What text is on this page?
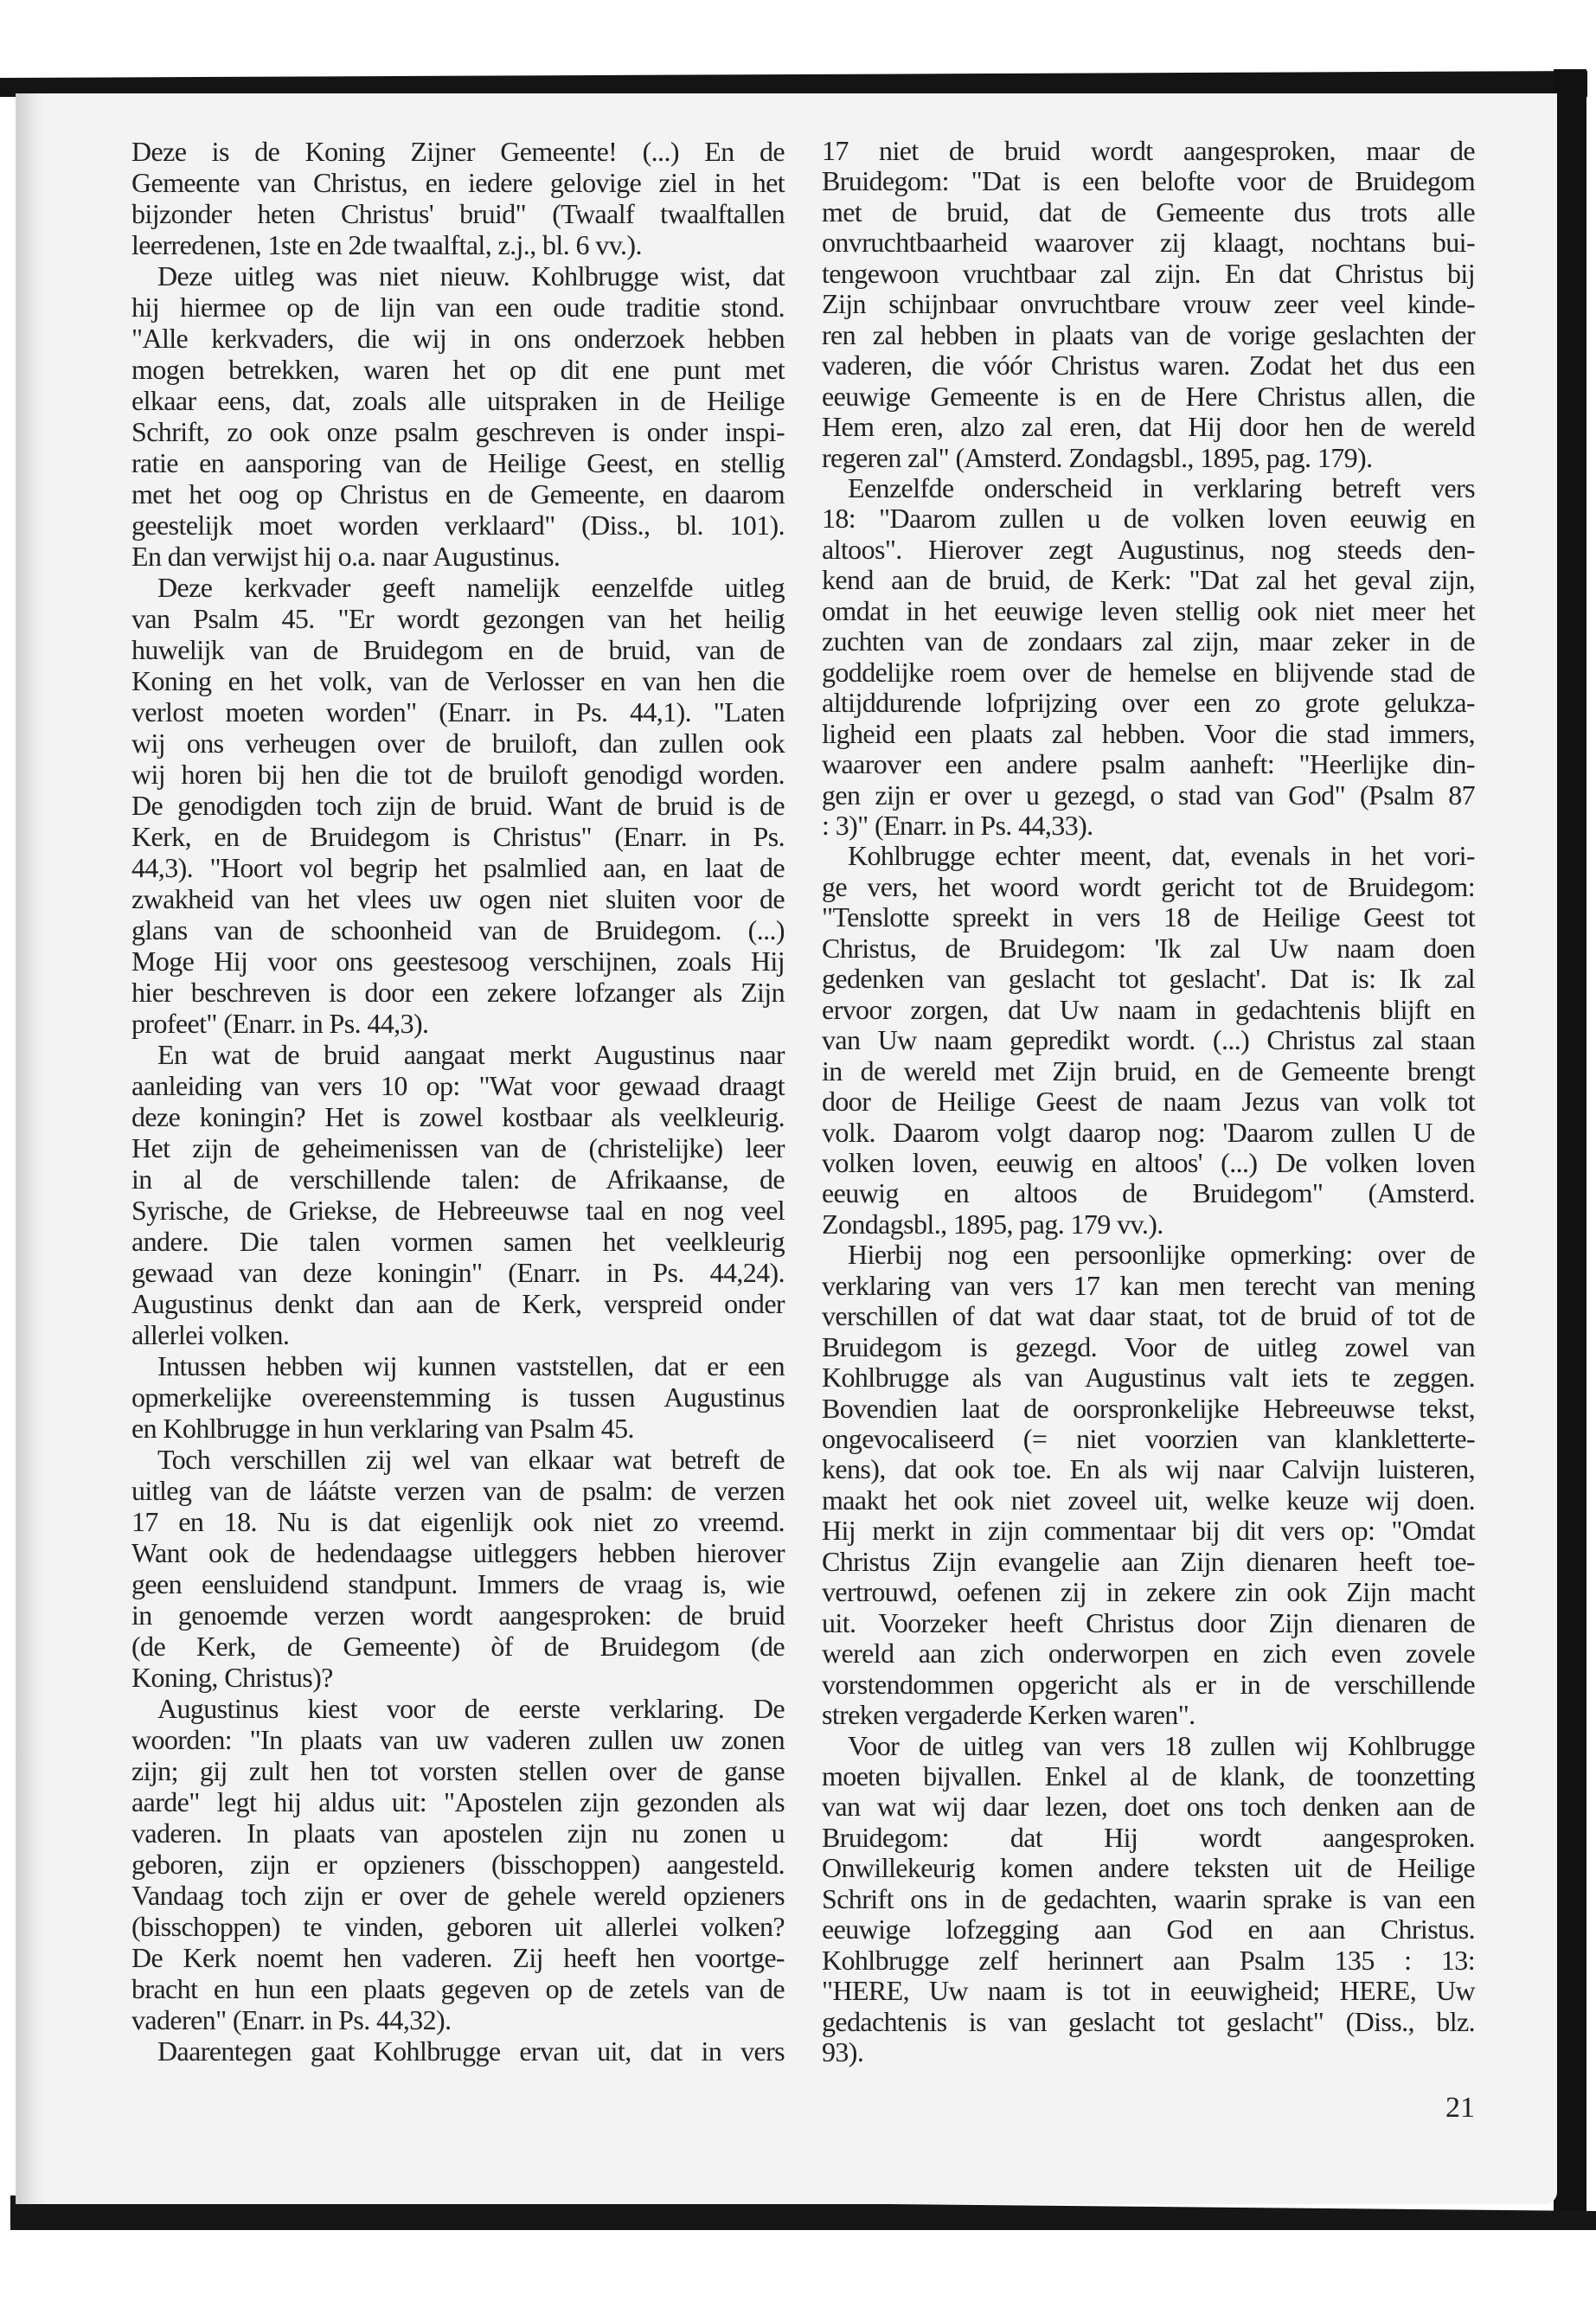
Deze is de Koning Zijner Gemeente! (...) En de
Gemeente van Christus, en iedere gelovige ziel in het
bijzonder heten Christus' bruid" (Twaalf twaalftallen
leerredenen, 1ste en 2de twaalftal, z.j., bl. 6 vv.).
Deze uitleg was niet nieuw. Kohlbrugge wist, dat
hij hiermee op de lijn van een oude traditie stond.
"Alle kerkvaders, die wij in ons onderzoek hebben
mogen betrekken, waren het op dit ene punt met
elkaar eens, dat, zoals alle uitspraken in de Heilige
Schrift, zo ook onze psalm geschreven is onder inspi-
ratie en aansporing van de Heilige Geest, en stellig
met het oog op Christus en de Gemeente, en daarom
geestelijk moet worden verklaard" (Diss., bl. 101).
En dan verwijst hij o.a. naar Augustinus.
Deze kerkvader geeft namelijk eenzelfde uitleg
van Psalm 45. "Er wordt gezongen van het heilig
huwelijk van de Bruidegom en de bruid, van de
Koning en het volk, van de Verlosser en van hen die
verlost moeten worden" (Enarr. in Ps. 44,1). "Laten
wij ons verheugen over de bruiloft, dan zullen ook
wij horen bij hen die tot de bruiloft genodigd worden.
De genodigden toch zijn de bruid. Want de bruid is de
Kerk, en de Bruidegom is Christus" (Enarr. in Ps.
44,3). "Hoort vol begrip het psalmlied aan, en laat de
zwakheid van het vlees uw ogen niet sluiten voor de
glans van de schoonheid van de Bruidegom. (...)
Moge Hij voor ons geestesoog verschijnen, zoals Hij
hier beschreven is door een zekere lofzanger als Zijn
profeet" (Enarr. in Ps. 44,3).
En wat de bruid aangaat merkt Augustinus naar
aanleiding van vers 10 op: "Wat voor gewaad draagt
deze koningin? Het is zowel kostbaar als veelkleurig.
Het zijn de geheimenissen van de (christelijke) leer
in al de verschillende talen: de Afrikaanse, de
Syrische, de Griekse, de Hebreeuwse taal en nog veel
andere. Die talen vormen samen het veelkleurig
gewaad van deze koningin" (Enarr. in Ps. 44,24).
Augustinus denkt dan aan de Kerk, verspreid onder
allerlei volken.
Intussen hebben wij kunnen vaststellen, dat er een
opmerkelijke overeenstemming is tussen Augustinus
en Kohlbrugge in hun verklaring van Psalm 45.
Toch verschillen zij wel van elkaar wat betreft de
uitleg van de láátste verzen van de psalm: de verzen
17 en 18. Nu is dat eigenlijk ook niet zo vreemd.
Want ook de hedendaagse uitleggers hebben hierover
geen eensluidend standpunt. Immers de vraag is, wie
in genoemde verzen wordt aangesproken: de bruid
(de Kerk, de Gemeente) òf de Bruidegom (de
Koning, Christus)?
Augustinus kiest voor de eerste verklaring. De
woorden: "In plaats van uw vaderen zullen uw zonen
zijn; gij zult hen tot vorsten stellen over de ganse
aarde" legt hij aldus uit: "Apostelen zijn gezonden als
vaderen. In plaats van apostelen zijn nu zonen u
geboren, zijn er opzieners (bisschoppen) aangesteld.
Vandaag toch zijn er over de gehele wereld opzieners
(bisschoppen) te vinden, geboren uit allerlei volken?
De Kerk noemt hen vaderen. Zij heeft hen voortge-
bracht en hun een plaats gegeven op de zetels van de
vaderen" (Enarr. in Ps. 44,32).
Daarentegen gaat Kohlbrugge ervan uit, dat in vers
17 niet de bruid wordt aangesproken, maar de
Bruidegom: "Dat is een belofte voor de Bruidegom
met de bruid, dat de Gemeente dus trots alle
onvruchtbaarheid waarover zij klaagt, nochtans bui-
tengewoon vruchtbaar zal zijn. En dat Christus bij
Zijn schijnbaar onvruchtbare vrouw zeer veel kinde-
ren zal hebben in plaats van de vorige geslachten der
vaderen, die vóór Christus waren. Zodat het dus een
eeuwige Gemeente is en de Here Christus allen, die
Hem eren, alzo zal eren, dat Hij door hen de wereld
regeren zal" (Amsterd. Zondagsbl., 1895, pag. 179).
Eenzelfde onderscheid in verklaring betreft vers
18: "Daarom zullen u de volken loven eeuwig en
altoos". Hierover zegt Augustinus, nog steeds den-
kend aan de bruid, de Kerk: "Dat zal het geval zijn,
omdat in het eeuwige leven stellig ook niet meer het
zuchten van de zondaars zal zijn, maar zeker in de
goddelijke roem over de hemelse en blijvende stad de
altijddurende lofprijzing over een zo grote gelukza-
ligheid een plaats zal hebben. Voor die stad immers,
waarover een andere psalm aanheft: "Heerlijke din-
gen zijn er over u gezegd, o stad van God" (Psalm 87
: 3)" (Enarr. in Ps. 44,33).
Kohlbrugge echter meent, dat, evenals in het vori-
ge vers, het woord wordt gericht tot de Bruidegom:
"Tenslotte spreekt in vers 18 de Heilige Geest tot
Christus, de Bruidegom: 'Ik zal Uw naam doen
gedenken van geslacht tot geslacht'. Dat is: Ik zal
ervoor zorgen, dat Uw naam in gedachtenis blijft en
van Uw naam gepredikt wordt. (...) Christus zal staan
in de wereld met Zijn bruid, en de Gemeente brengt
door de Heilige Geest de naam Jezus van volk tot
volk. Daarom volgt daarop nog: 'Daarom zullen U de
volken loven, eeuwig en altoos' (...) De volken loven
eeuwig en altoos de Bruidegom" (Amsterd.
Zondagsbl., 1895, pag. 179 vv.).
Hierbij nog een persoonlijke opmerking: over de
verklaring van vers 17 kan men terecht van mening
verschillen of dat wat daar staat, tot de bruid of tot de
Bruidegom is gezegd. Voor de uitleg zowel van
Kohlbrugge als van Augustinus valt iets te zeggen.
Bovendien laat de oorspronkelijke Hebreeuwse tekst,
ongevocaliseerd (= niet voorzien van klankletterte-
kens), dat ook toe. En als wij naar Calvijn luisteren,
maakt het ook niet zoveel uit, welke keuze wij doen.
Hij merkt in zijn commentaar bij dit vers op: "Omdat
Christus Zijn evangelie aan Zijn dienaren heeft toe-
vertrouwd, oefenen zij in zekere zin ook Zijn macht
uit. Voorzeker heeft Christus door Zijn dienaren de
wereld aan zich onderworpen en zich even zovele
vorstendommen opgericht als er in de verschillende
streken vergaderde Kerken waren".
Voor de uitleg van vers 18 zullen wij Kohlbrugge
moeten bijvallen. Enkel al de klank, de toonzetting
van wat wij daar lezen, doet ons toch denken aan de
Bruidegom: dat Hij wordt aangesproken.
Onwillekeurig komen andere teksten uit de Heilige
Schrift ons in de gedachten, waarin sprake is van een
eeuwige lofzegging aan God en aan Christus.
Kohlbrugge zelf herinnert aan Psalm 135 : 13:
"HERE, Uw naam is tot in eeuwigheid; HERE, Uw
gedachtenis is van geslacht tot geslacht" (Diss., blz.
93).
21
